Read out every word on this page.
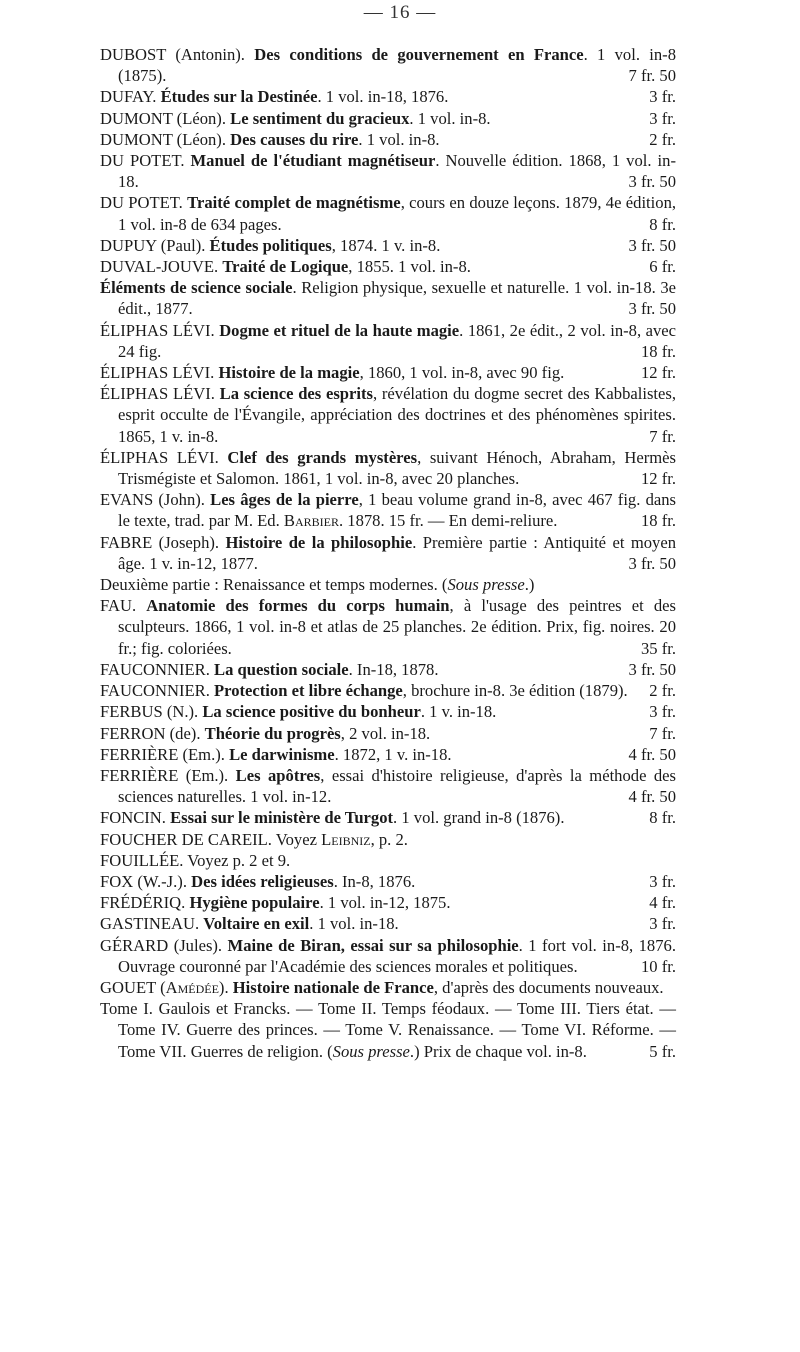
— 16 —
DUBOST (Antonin). Des conditions de gouvernement en France. 1 vol. in-8 (1875).	7 fr. 50
DUFAY. Études sur la Destinée. 1 vol. in-18, 1876.	3 fr.
DUMONT (Léon). Le sentiment du gracieux. 1 vol. in-8.	3 fr.
DUMONT (Léon). Des causes du rire. 1 vol. in-8.	2 fr.
DU POTET. Manuel de l'étudiant magnétiseur. Nouvelle édition. 1868, 1 vol. in-18.	3 fr. 50
DU POTET. Traité complet de magnétisme, cours en douze leçons. 1879, 4e édition, 1 vol. in-8 de 634 pages.	8 fr.
DUPUY (Paul). Études politiques, 1874. 1 v. in-8.	3 fr. 50
DUVAL-JOUVE. Traité de Logique, 1855. 1 vol. in-8.	6 fr.
Éléments de science sociale. Religion physique, sexuelle et naturelle. 1 vol. in-18. 3e édit., 1877.	3 fr. 50
ÉLIPHAS LÉVI. Dogme et rituel de la haute magie. 1861, 2e édit., 2 vol. in-8, avec 24 fig.	18 fr.
ÉLIPHAS LÉVI. Histoire de la magie, 1860, 1 vol. in-8, avec 90 fig.	12 fr.
ÉLIPHAS LÉVI. La science des esprits, révélation du dogme secret des Kabbalistes, esprit occulte de l'Évangile, appréciation des doctrines et des phénomènes spirites. 1865, 1 v. in-8.	7 fr.
ÉLIPHAS LÉVI. Clef des grands mystères, suivant Hénoch, Abraham, Hermès Trismégiste et Salomon. 1861, 1 vol. in-8, avec 20 planches.	12 fr.
EVANS (John). Les âges de la pierre, 1 beau volume grand in-8, avec 467 fig. dans le texte, trad. par M. Ed. Barbier. 1878. 15 fr. — En demi-reliure.	18 fr.
FABRE (Joseph). Histoire de la philosophie. Première partie : Antiquité et moyen âge. 1 v. in-12, 1877.	3 fr. 50
Deuxième partie : Renaissance et temps modernes. (Sous presse.)
FAU. Anatomie des formes du corps humain, à l'usage des peintres et des sculpteurs. 1866, 1 vol. in-8 et atlas de 25 planches. 2e édition. Prix, fig. noires. 20 fr.; fig. coloriées.	35 fr.
FAUCONNIER. La question sociale. In-18, 1878.	3 fr. 50
FAUCONNIER. Protection et libre échange, brochure in-8. 3e édition (1879). 2 fr.
FERBUS (N.). La science positive du bonheur. 1 v. in-18.	3 fr.
FERRON (de). Théorie du progrès, 2 vol. in-18.	7 fr.
FERRIÈRE (Em.). Le darwinisme. 1872, 1 v. in-18.	4 fr. 50
FERRIÈRE (Em.). Les apôtres, essai d'histoire religieuse, d'après la méthode des sciences naturelles. 1 vol. in-12.	4 fr. 50
FONCIN. Essai sur le ministère de Turgot. 1 vol. grand in-8 (1876).	8 fr.
FOUCHER DE CAREIL. Voyez Leibniz, p. 2.
FOUILLÉE. Voyez p. 2 et 9.
FOX (W.-J.). Des idées religieuses. In-8, 1876.	3 fr.
FRÉDÉRIQ. Hygiène populaire. 1 vol. in-12, 1875.	4 fr.
GASTINEAU. Voltaire en exil. 1 vol. in-18.	3 fr.
GÉRARD (Jules). Maine de Biran, essai sur sa philosophie. 1 fort vol. in-8, 1876. Ouvrage couronné par l'Académie des sciences morales et politiques.	10 fr.
GOUET (Amédée). Histoire nationale de France, d'après des documents nouveaux.
Tome I. Gaulois et Francks. — Tome II. Temps féodaux. — Tome III. Tiers état. — Tome IV. Guerre des princes. — Tome V. Renaissance. — Tome VI. Réforme. — Tome VII. Guerres de religion. (Sous presse.) Prix de chaque vol. in-8.	5 fr.
